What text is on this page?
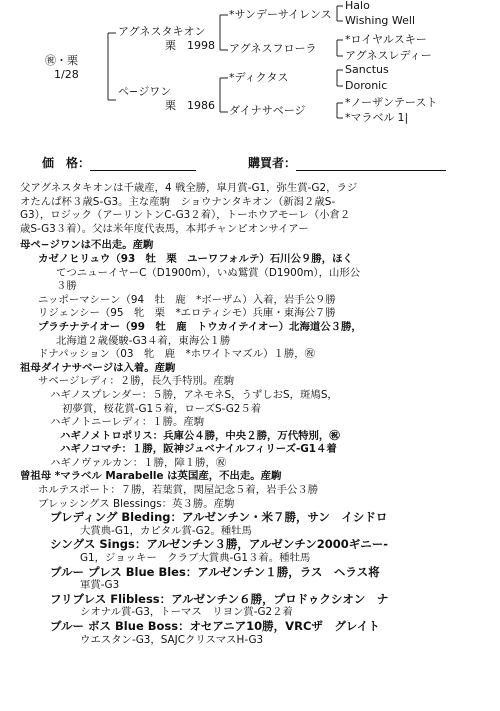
㊗・栗
1/28
アグネスタキオン
栗　1998
ペ−ジワン
栗　1986
*サンデーサイレンス
アグネスフローラ
*ディクタス
ダイナサベージ
Halo
Wishing Well
*ロイヤルスキー
アグネスレディー
Sanctus
Doronic
*ノーザンテースト
*マラベル 1|
価　格：	購買者：

父アグネスタキオンは千歳産，4 戦全勝，皐月賞-G1，弥生賞-G2，ラジ

オたんぱ杯３歳S-G3。主な産駒　ショウナンタキオン（新潟２歳S-

G3），ロジック（アーリントンC-G3２着），トーホウアモーレ（小倉２

歳S-G3３着）。父は米年度代表馬，本邦チャンピオンサイアー

母ペ−ジワンは不出走。産駒

カゼノヒリュウ（93　牡　栗　ユーワフォルテ）石川公９勝，ほく

てつニューイヤーC（D1900m），いぬ鷲賞（D1900m），山形公

３勝

ニッポーマシーン（94　牡　鹿　*ボーザム）入着，岩手公９勝

リジェンシー（95　牝　栗　*エロティシモ）兵庫・東海公７勝

プラチナテイオー（99　牡　鹿　トウカイテイオー）北海道公３勝，

北海道２歳優駿-G3４着，東海公１勝

ドナパッション（03　牝　鹿　*ホワイトマズル）１勝，㊗

祖母ダイナサベージは入着。産駒

サベージレディ：２勝，長久手特別。産駒

ハギノスプレンダー：５勝，アネモネS，うずしおS，斑鳩S，

初夢賞，桜花賞-G1５着，ローズS-G2５着

ハギノトニーレディ：１勝。産駒

ハギノメトロポリス：兵庫公４勝，中央２勝，万代特別，㊗

ハギノコマチ：１勝，阪神ジュベナイルフィリーズ-G1４着

ハギノヴァルカン：１勝，障１勝，㊗

曾祖母 *マラベル Marabelle は英国産，不出走。産駒

ホルテスポート：７勝，若葉賞，関屋記念５着，岩手公３勝

ブレッシングス Blessings：英３勝。産駒

ブレディング Bleding：アルゼンチン・米７勝，サン　イシドロ

大賞典-G1，カピタル賞-G2。種牡馬

シングス Sings：アルゼンチン３勝，アルゼンチン2000ギニー-

G1，ジョッキー　クラブ大賞典-G1３着。種牡馬

ブルー プレス Blue Bles：アルゼンチン１勝，ラス　ヘラス将

軍賞-G3

フリブレス Flibless：アルゼンチン６勝，プロドゥクシオン　ナ

シオナル賞-G3，トーマス　リヨン賞-G2２着

ブルー ボス Blue Boss：オセアニア10勝，VRCザ　グレイト

ウエスタン-G3，SAJCクリスマスH-G3
